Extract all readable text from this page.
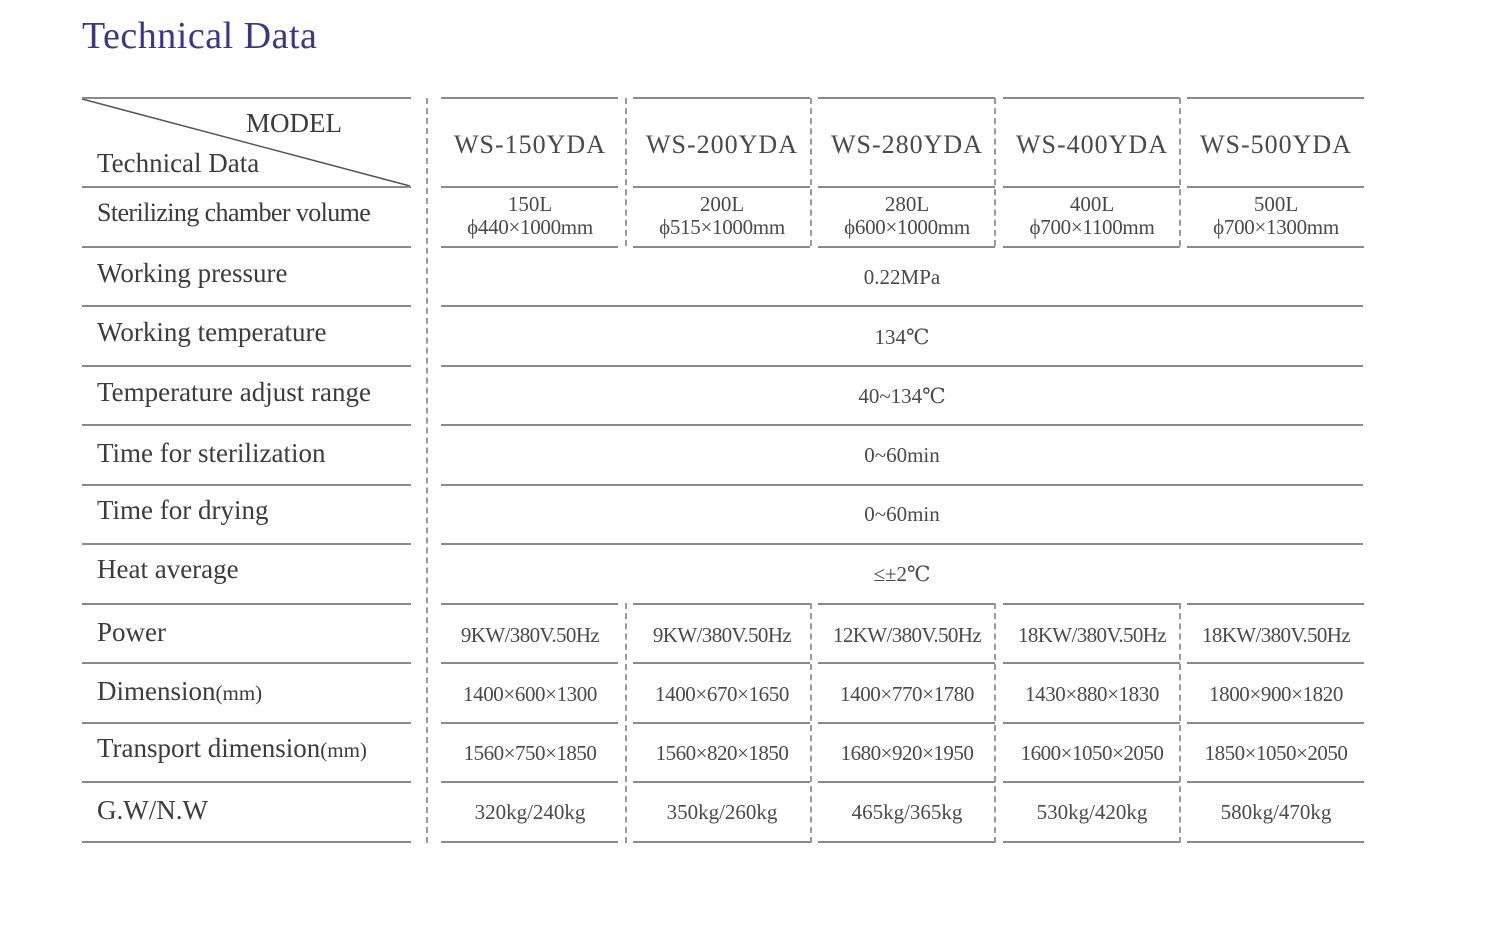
Technical Data
MODEL
Technical Data
Sterilizing chamber volume
Working pressure
Working temperature
Temperature adjust range
Time for sterilization
Time for drying
Heat average
Power
Dimension(mm)
Transport dimension(mm)
G.W/N.W
0.22MPa
134℃
40~134℃
0~60min
0~60min
≤±2℃
WS-150YDA
150L
ϕ440×1000mm
9KW/380V.50Hz
1400×600×1300
1560×750×1850
320kg/240kg
WS-200YDA
200L
ϕ515×1000mm
9KW/380V.50Hz
1400×670×1650
1560×820×1850
350kg/260kg
WS-280YDA
280L
ϕ600×1000mm
12KW/380V.50Hz
1400×770×1780
1680×920×1950
465kg/365kg
WS-400YDA
400L
ϕ700×1100mm
18KW/380V.50Hz
1430×880×1830
1600×1050×2050
530kg/420kg
WS-500YDA
500L
ϕ700×1300mm
18KW/380V.50Hz
1800×900×1820
1850×1050×2050
580kg/470kg
